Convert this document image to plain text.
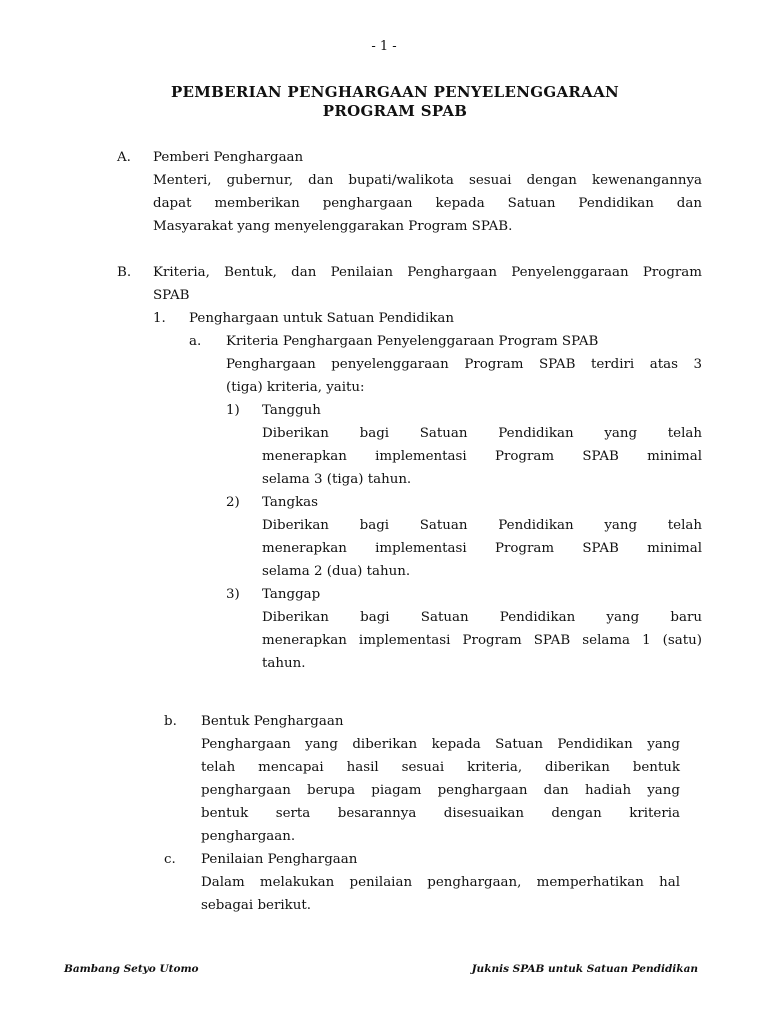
- 1 -
PEMBERIAN PENGHARGAAN PENYELENGGARAAN
PROGRAM SPAB
A. Pemberi Penghargaan
Menteri, gubernur, dan bupati/walikota sesuai dengan kewenangannya
dapat memberikan penghargaan kepada Satuan Pendidikan dan
Masyarakat yang menyelenggarakan Program SPAB.
B. Kriteria, Bentuk, dan Penilaian Penghargaan Penyelenggaraan Program
SPAB
1. Penghargaan untuk Satuan Pendidikan
a. Kriteria Penghargaan Penyelenggaraan Program SPAB
Penghargaan penyelenggaraan Program SPAB terdiri atas 3
(tiga) kriteria, yaitu:
1) Tangguh
Diberikan bagi Satuan Pendidikan yang telah
menerapkan implementasi Program SPAB minimal
selama 3 (tiga) tahun.
2) Tangkas
Diberikan bagi Satuan Pendidikan yang telah
menerapkan implementasi Program SPAB minimal
selama 2 (dua) tahun.
3) Tanggap
Diberikan bagi Satuan Pendidikan yang baru
menerapkan implementasi Program SPAB selama 1 (satu)
tahun.
b. Bentuk Penghargaan
Penghargaan yang diberikan kepada Satuan Pendidikan yang
telah mencapai hasil sesuai kriteria, diberikan bentuk
penghargaan berupa piagam penghargaan dan hadiah yang
bentuk serta besarannya disesuaikan dengan kriteria
penghargaan.
c. Penilaian Penghargaan
Dalam melakukan penilaian penghargaan, memperhatikan hal
sebagai berikut.
Bambang Setyo Utomo	Juknis SPAB untuk Satuan Pendidikan
